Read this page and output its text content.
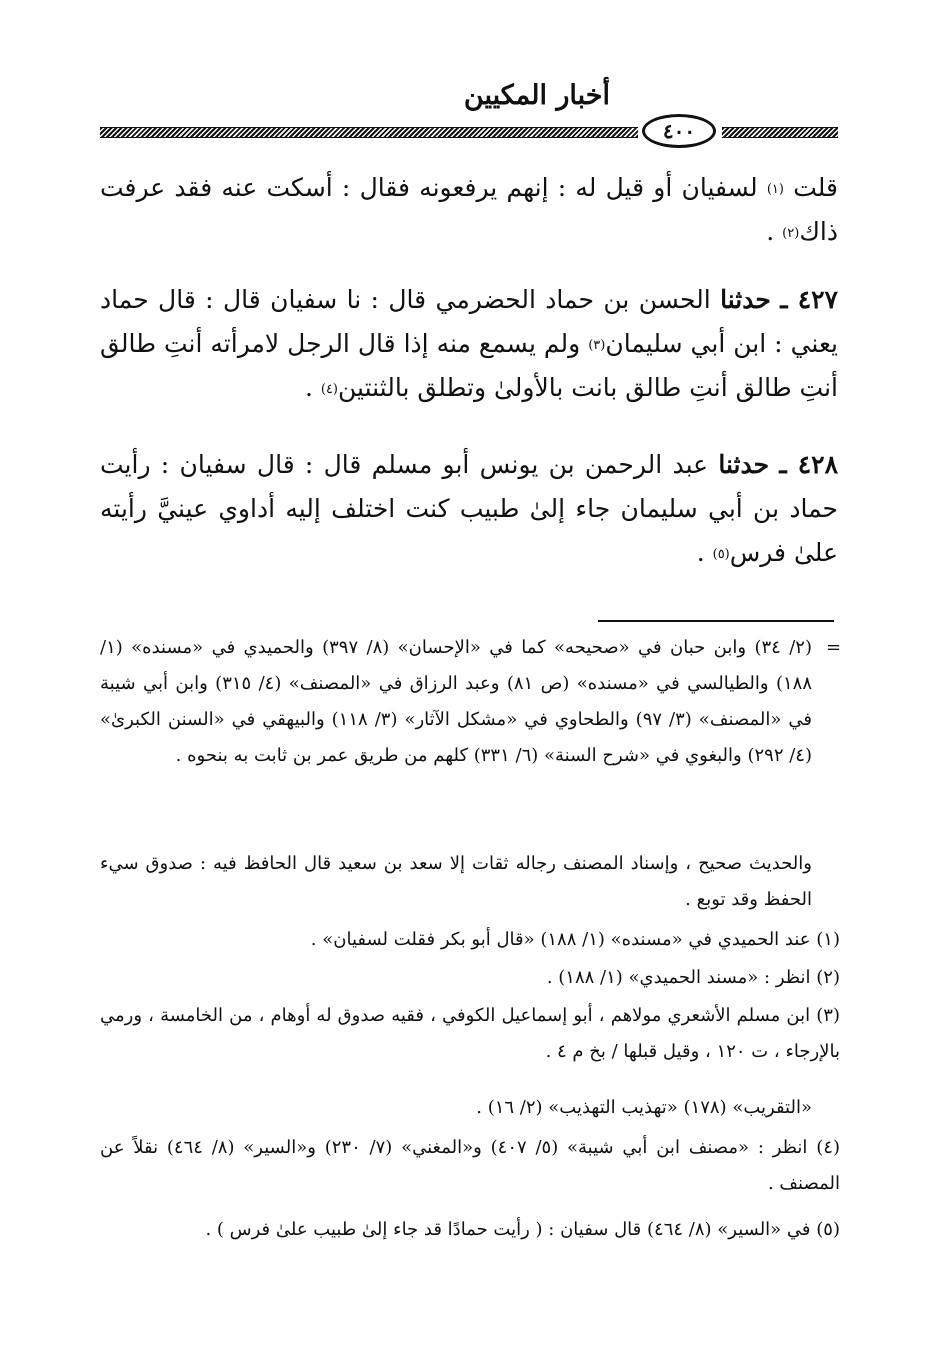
أخبار المكيين
٤٠٠
قلت $^{(١)}$ لسفيان أو قيل له : إنهم يرفعونه فقال : أسكت عنه فقد عرفت ذاك$^{(٢)}$ .
٤٢٧ ـ حدثنا الحسن بن حماد الحضرمي قال : نا سفيان قال : قال حماد يعني : ابن أبي سليمان$^{(٣)}$ ولم يسمع منه إذا قال الرجل لامرأته أنتِ طالق أنتِ طالق أنتِ طالق بانت بالأولىٰ وتطلق بالثنتين$^{(٤)}$ .
٤٢٨ ـ حدثنا عبد الرحمن بن يونس أبو مسلم قال : قال سفيان : رأيت حماد بن أبي سليمان جاء إلىٰ طبيب كنت اختلف إليه أداوي عينيَّ رأيته علىٰ فرس$^{(٥)}$ .
=
(٢/ ٣٤) وابن حبان في «صحيحه» كما في «الإحسان» (٨/ ٣٩٧) والحميدي في «مسنده» (١/ ١٨٨) والطيالسي في «مسنده» (ص ٨١) وعبد الرزاق في «المصنف» (٤/ ٣١٥) وابن أبي شيبة في «المصنف» (٣/ ٩٧) والطحاوي في «مشكل الآثار» (٣/ ١١٨) والبيهقي في «السنن الكبرىٰ» (٤/ ٢٩٢) والبغوي في «شرح السنة» (٦/ ٣٣١) كلهم من طريق عمر بن ثابت به بنحوه .
والحديث صحيح ، وإسناد المصنف رجاله ثقات إلا سعد بن سعيد قال الحافظ فيه : صدوق سيء الحفظ وقد توبع .
(١) عند الحميدي في «مسنده» (١/ ١٨٨) «قال أبو بكر فقلت لسفيان» .
(٢) انظر : «مسند الحميدي» (١/ ١٨٨) .
(٣) ابن مسلم الأشعري مولاهم ، أبو إسماعيل الكوفي ، فقيه صدوق له أوهام ، من الخامسة ، ورمي بالإرجاء ، ت ١٢٠ ، وقيل قبلها / بخ م ٤ .
«التقريب» (١٧٨) «تهذيب التهذيب» (٢/ ١٦) .
(٤) انظر : «مصنف ابن أبي شيبة» (٥/ ٤٠٧) و«المغني» (٧/ ٢٣٠) و«السير» (٨/ ٤٦٤) نقلاً عن المصنف .
(٥) في «السير» (٨/ ٤٦٤) قال سفيان : ( رأيت حمادًا قد جاء إلىٰ طبيب علىٰ فرس ) .
